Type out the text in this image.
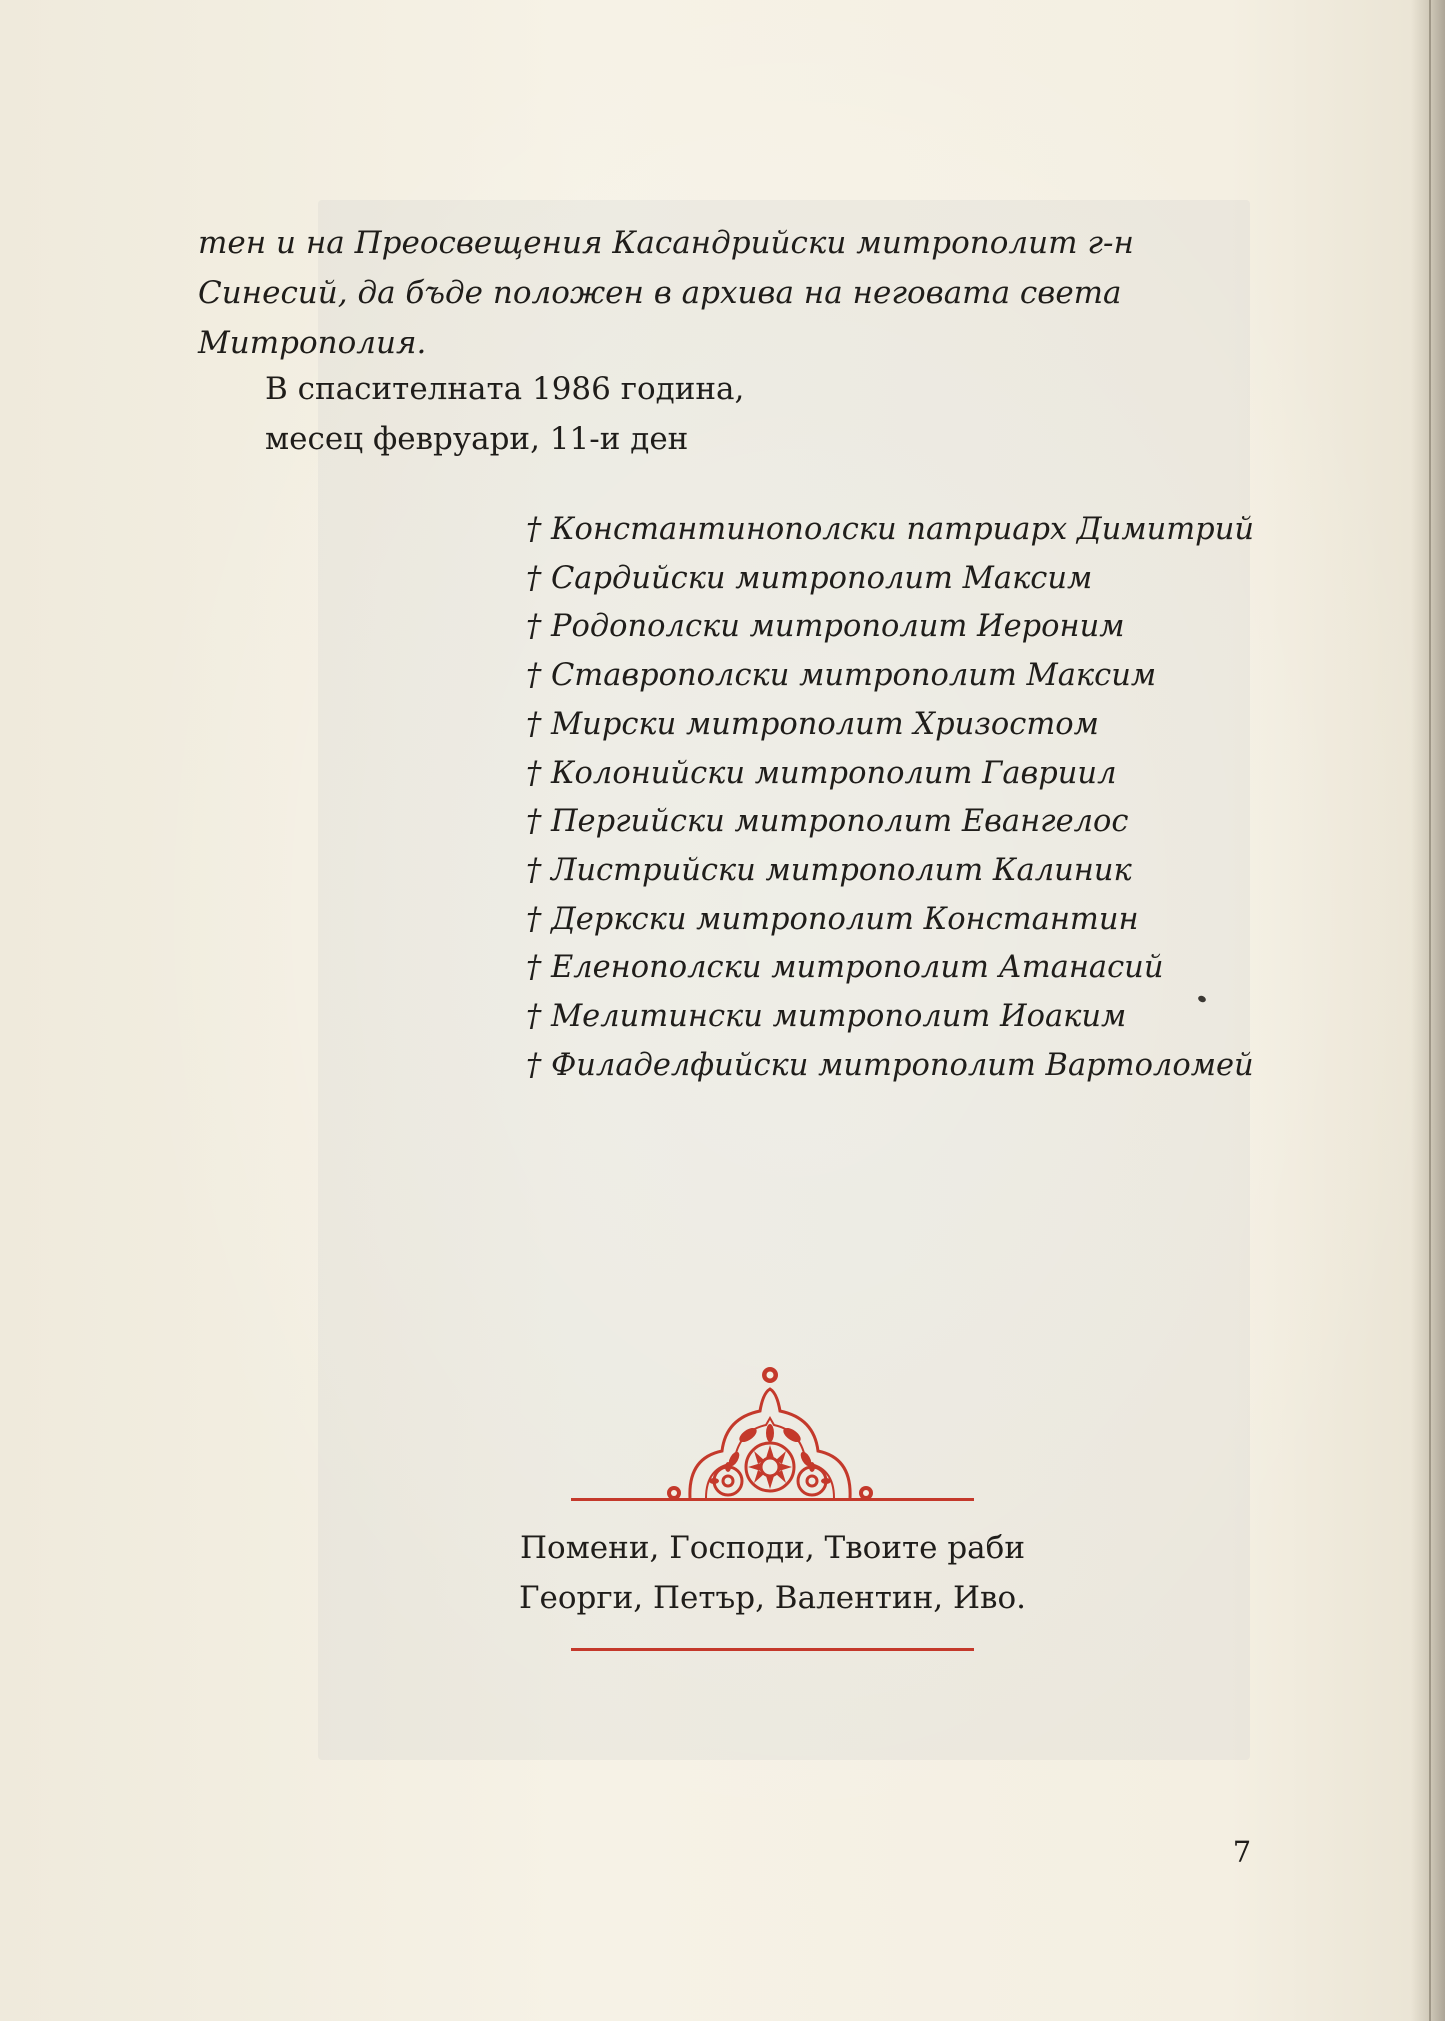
тен и на Преосвещения Касандрийски митрополит г-н Синесий, да бъде положен в архива на неговата света Митрополия.

В спасителната 1986 година,
месец февруари, 11-и ден
† Константинополски патриарх Димитрий
† Сардийски митрополит Максим
† Родополски митрополит Иероним
† Ставрополски митрополит Максим
† Мирски митрополит Хризостом
† Колонийски митрополит Гавриил
† Пергийски митрополит Евангелос
† Листрийски митрополит Калиник
† Деркски митрополит Константин
† Еленополски митрополит Атанасий
† Мелитински митрополит Иоаким
† Филаделфийски митрополит Вартоломей
Помени, Господи, Твоите раби
Георги, Петър, Валентин, Иво.
7
